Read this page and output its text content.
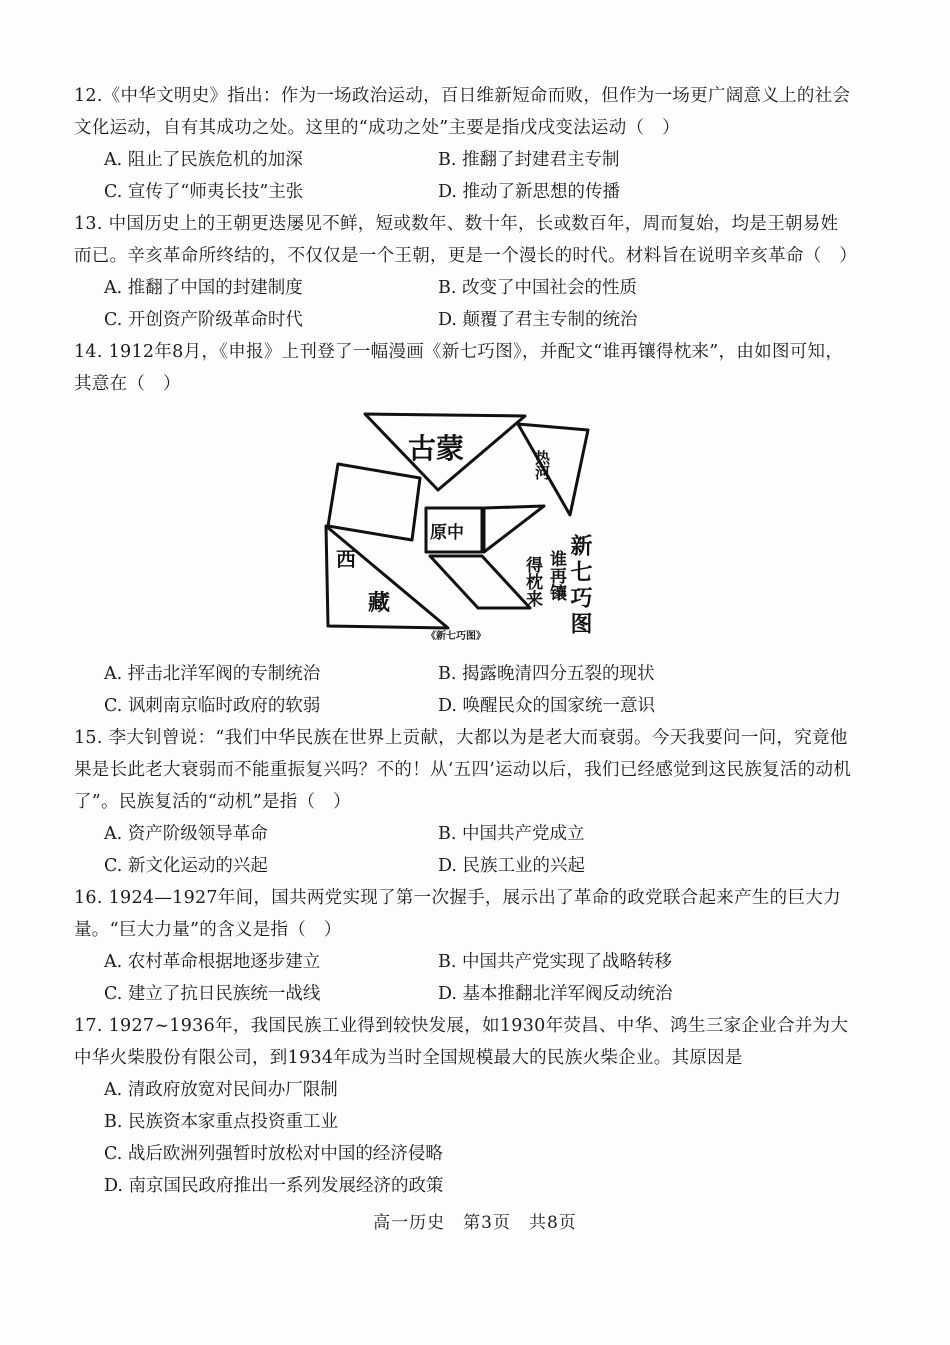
12.《中华文明史》指出：作为一场政治运动，百日维新短命而败，但作为一场更广阔意义上的社会文化运动，自有其成功之处。这里的“成功之处”主要是指戊戌变法运动（　）

A. 阻止了民族危机的加深	B. 推翻了封建君主专制
C. 宣传了“师夷长技”主张	D. 推动了新思想的传播

13. 中国历史上的王朝更迭屡见不鲜，短或数年、数十年，长或数百年，周而复始，均是王朝易姓而已。辛亥革命所终结的，不仅仅是一个王朝，更是一个漫长的时代。材料旨在说明辛亥革命（　）

A. 推翻了中国的封建制度	B. 改变了中国社会的性质
C. 开创资产阶级革命时代	D. 颠覆了君主专制的统治

14. 1912年8月，《申报》上刊登了一幅漫画《新七巧图》，并配文“谁再镶得枕来”，由如图可知，其意在（　）

古蒙	热河
原中
西
藏
新
七
巧
图
谁再镶
得枕来
《新七巧图》
A. 抨击北洋军阀的专制统治	B. 揭露晚清四分五裂的现状
C. 讽刺南京临时政府的软弱	D. 唤醒民众的国家统一意识

15. 李大钊曾说：“我们中华民族在世界上贡献，大都以为是老大而衰弱。今天我要问一问，究竟他果是长此老大衰弱而不能重振复兴吗？不的！从‘五四’运动以后，我们已经感觉到这民族复活的动机了”。民族复活的“动机”是指（　）

A. 资产阶级领导革命	B. 中国共产党成立
C. 新文化运动的兴起	D. 民族工业的兴起

16. 1924—1927年间，国共两党实现了第一次握手，展示出了革命的政党联合起来产生的巨大力量。“巨大力量”的含义是指（　）

A. 农村革命根据地逐步建立	B. 中国共产党实现了战略转移
C. 建立了抗日民族统一战线	D. 基本推翻北洋军阀反动统治

17. 1927~1936年，我国民族工业得到较快发展，如1930年荧昌、中华、鸿生三家企业合并为大中华火柴股份有限公司，到1934年成为当时全国规模最大的民族火柴企业。其原因是

A. 清政府放宽对民间办厂限制
B. 民族资本家重点投资重工业
C. 战后欧洲列强暂时放松对中国的经济侵略
D. 南京国民政府推出一系列发展经济的政策
高一历史　第3页　共8页
